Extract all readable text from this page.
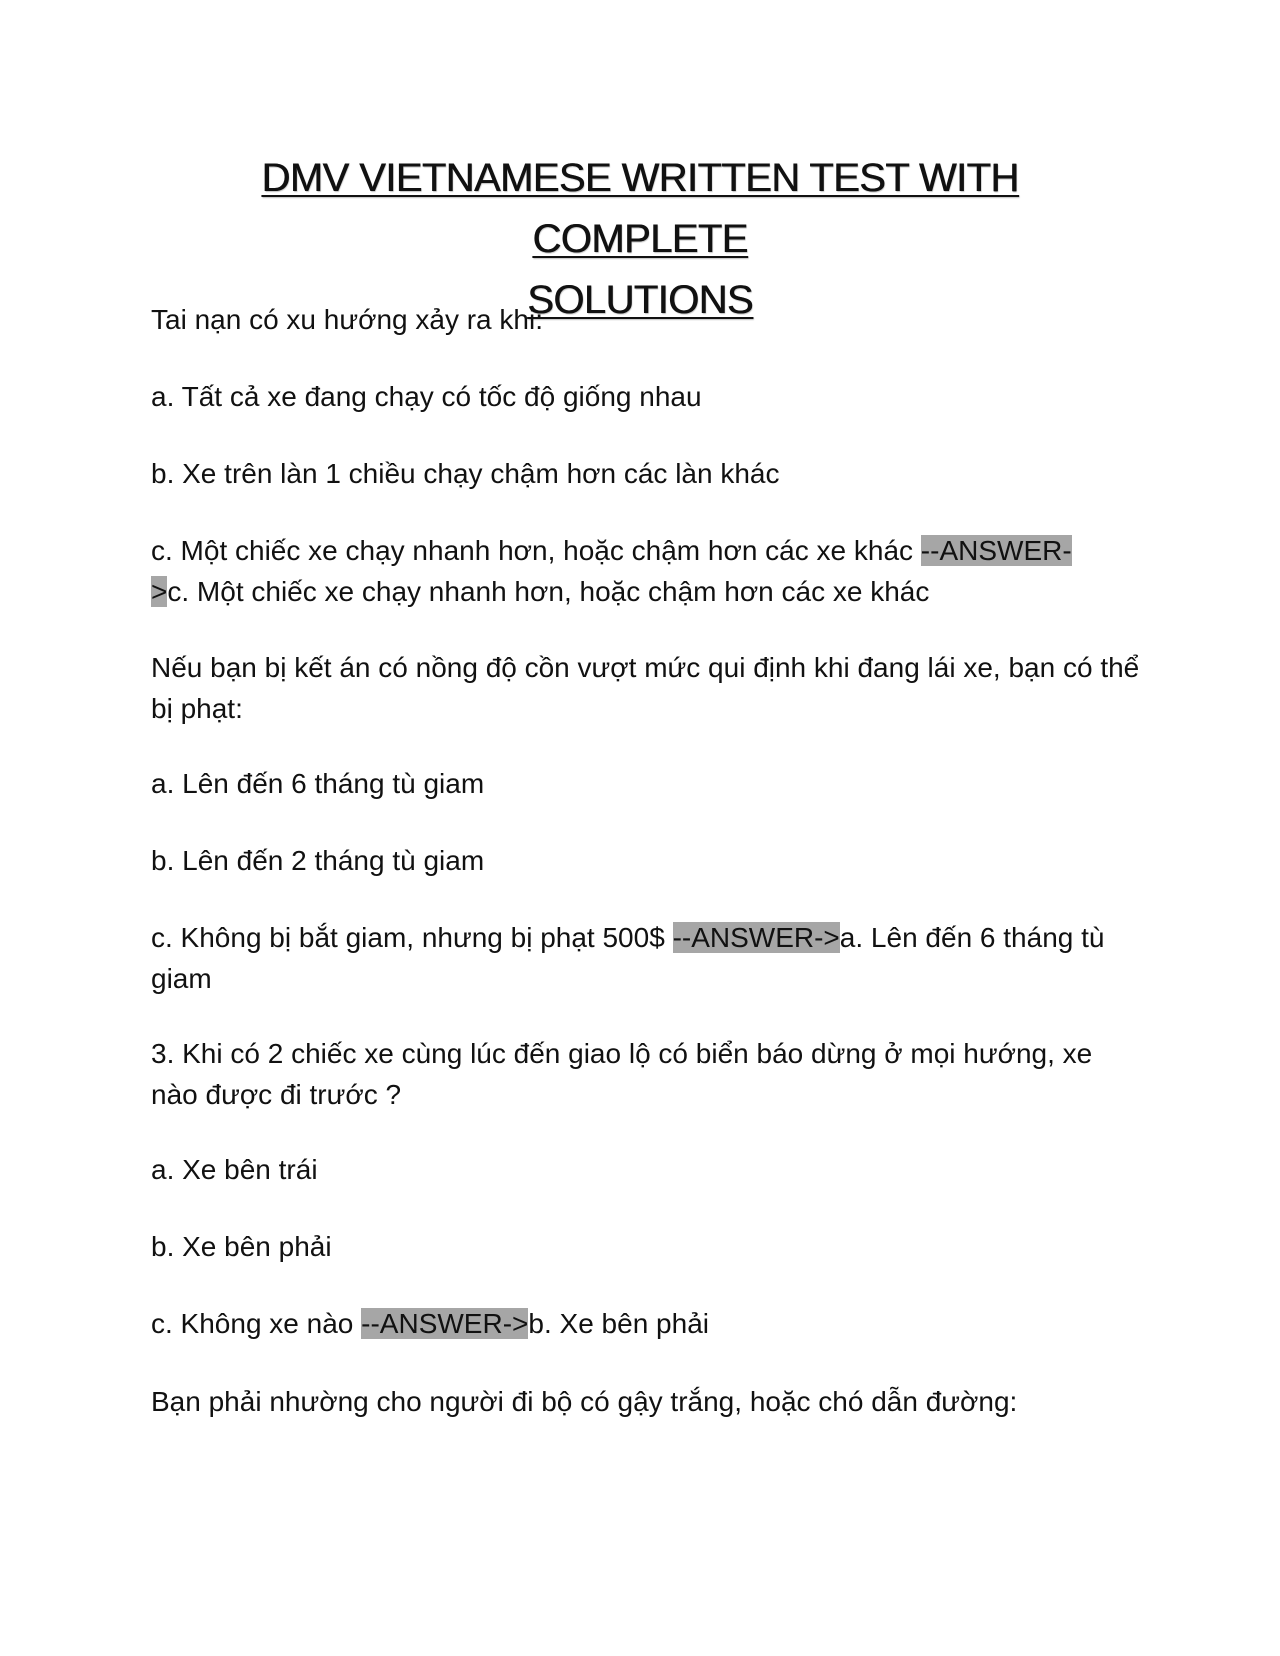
DMV VIETNAMESE WRITTEN TEST WITH COMPLETE
SOLUTIONS

Tai nạn có xu hướng xảy ra khi:

a. Tất cả xe đang chạy có tốc độ giống nhau

b. Xe trên làn 1 chiều chạy chậm hơn các làn khác

c. Một chiếc xe chạy nhanh hơn, hoặc chậm hơn các xe khác --ANSWER-
>c. Một chiếc xe chạy nhanh hơn, hoặc chậm hơn các xe khác

Nếu bạn bị kết án có nồng độ cồn vượt mức qui định khi đang lái xe, bạn có thể bị phạt:

a. Lên đến 6 tháng tù giam

b. Lên đến 2 tháng tù giam

c. Không bị bắt giam, nhưng bị phạt 500$ --ANSWER->a. Lên đến 6 tháng tù giam

3. Khi có 2 chiếc xe cùng lúc đến giao lộ có biển báo dừng ở mọi hướng, xe nào được đi trước ?

a. Xe bên trái

b. Xe bên phải

c. Không xe nào --ANSWER->b. Xe bên phải

Bạn phải nhường cho người đi bộ có gậy trắng, hoặc chó dẫn đường:
